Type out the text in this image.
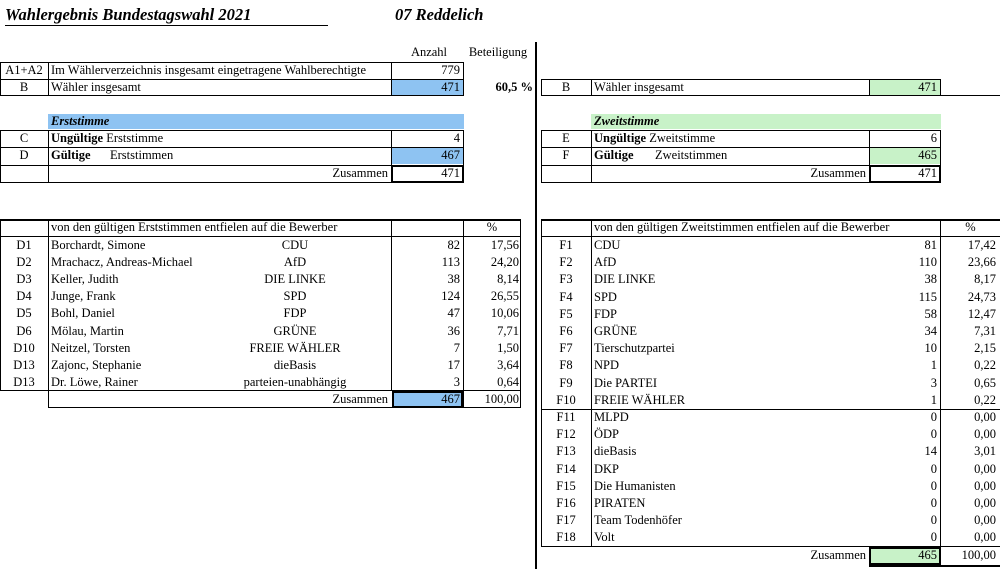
Wahlergebnis Bundestagswahl 2021	07 Reddelich
Anzahl	Beteiligung
A1+A2 Im Wählerverzeichnis insgesamt eingetragene Wahlberechtigte	779
B	Wähler insgesamt	471	60,5 %	B	Wähler insgesamt	471
Erststimme
C	Ungültige Erststimme	4
D	Gültige Erststimmen	467
Zusammen	471
Zweitstimme
E	Ungültige Zweitstimme	6
F	Gültige Zweitstimmen	465
Zusammen	471
von den gültigen Erststimmen entfielen auf die Bewerber	%
D1	Borchardt, Simone	CDU	82	17,56
D2	Mrachacz, Andreas-Michael	AfD	113	24,20
D3	Keller, Judith	DIE LINKE	38	8,14
D4	Junge, Frank	SPD	124	26,55
D5	Bohl, Daniel	FDP	47	10,06
D6	Mölau, Martin	GRÜNE	36	7,71
D10	Neitzel, Torsten	FREIE WÄHLER	7	1,50
D13	Zajonc, Stephanie	dieBasis	17	3,64
D13	Dr. Löwe, Rainer	parteien-unabhängig	3	0,64
Zusammen	467	100,00
von den gültigen Zweitstimmen entfielen auf die Bewerber	%
F1	CDU	81	17,42
F2	AfD	110	23,66
F3	DIE LINKE	38	8,17
F4	SPD	115	24,73
F5	FDP	58	12,47
F6	GRÜNE	34	7,31
F7	Tierschutzpartei	10	2,15
F8	NPD	1	0,22
F9	Die PARTEI	3	0,65
F10	FREIE WÄHLER	1	0,22
F11	MLPD	0	0,00
F12	ÖDP	0	0,00
F13	dieBasis	14	3,01
F14	DKP	0	0,00
F15	Die Humanisten	0	0,00
F16	PIRATEN	0	0,00
F17	Team Todenhöfer	0	0,00
F18	Volt	0	0,00
Zusammen	465	100,00
